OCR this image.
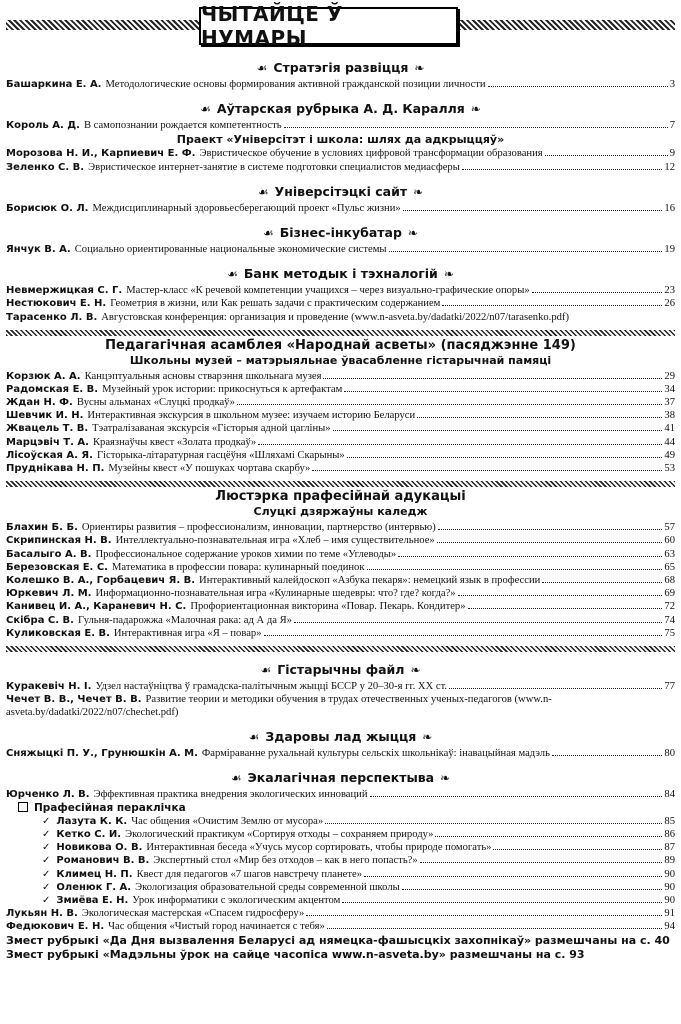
ЧЫТАЙЦЕ Ў НУМАРЫ
☙ Стратэгія развіцця ❧
Башаркина Е. А. Методологические основы формирования активной гражданской позиции личности	3
☙ Аўтарская рубрыка А. Д. Каралля ❧
Король А. Д. В самопознании рождается компетентность	7
Праект «Універсітэт і школа: шлях да адкрыццяў»
Морозова Н. И., Карпиевич Е. Ф. Эвристическое обучение в условиях цифровой трансформации образования	9
Зеленко С. В. Эвристическое интернет-занятие в системе подготовки специалистов медиасферы	12
☙ Універсітэцкі сайт ❧
Борисюк О. Л. Междисциплинарный здоровьесберегающий проект «Пульс жизни»	16
☙ Бізнес-інкубатар ❧
Янчук В. А. Социально ориентированные национальные экономические системы	19
☙ Банк методык і тэхналогій ❧
Невмержицкая С. Г. Мастер-класс «К речевой компетенции учащихся – через визуально-графические опоры»	23
Нестюкович Е. Н. Геометрия в жизни, или Как решать задачи с практическим содержанием	26
Тарасенко Л. В. Августовская конференция: организация и проведение (www.n-asveta.by/dadatki/2022/n07/tarasenko.pdf)
Педагагічная асамблея «Народнай асветы» (пасяджэнне 149)
Школьны музей – матэрыяльнае ўвасабленне гістарычнай памяці
Корзюк А. А. Канцэптуальныя асновы стварэння школьнага музея	29
Радомская Е. В. Музейный урок истории: прикоснуться к артефактам	34
Ждан Н. Ф. Вусны альманах «Слуцкі продкаў»	37
Шевчик И. Н. Интерактивная экскурсия в школьном музее: изучаем историю Беларуси	38
Жвацель Т. В. Тэатралізаваная экскурсія «Гісторыя адной цагліны»	41
Марцэвіч Т. А. Краязнаўчы квест «Золата продкаў»	44
Лісоўская А. Я. Гісторыка-літаратурная гасцёўня «Шляхамі Скарыны»	49
Пруднікава Н. П. Музейны квест «У пошуках чортава скарбу»	53
Люстэрка прафесійнай адукацыі
Слуцкі дзяржаўны каледж
Блахин Б. Б. Ориентиры развития – профессионализм, инновации, партнерство (интервью)	57
Скрипинская Н. В. Интеллектуально-познавательная игра «Хлеб – имя существительное»	60
Басалыго А. В. Профессиональное содержание уроков химии по теме «Углеводы»	63
Березовская Е. С. Математика в профессии повара: кулинарный поединок	65
Колешко В. А., Горбацевич Я. В. Интерактивный калейдоскоп «Азбука пекаря»: немецкий язык в профессии	68
Юркевич Л. М. Информационно-познавательная игра «Кулинарные шедевры: что? где? когда?»	69
Канивец И. А., Караневич Н. С. Профориентационная викторина «Повар. Пекарь. Кондитер»	72
Скібра С. В. Гульня-падарожжа «Малочная рака: ад А да Я»	74
Куликовская Е. В. Интерактивная игра «Я – повар»	75
☙ Гістарычны файл ❧
Куракевіч Н. І. Удзел настаўніцтва ў грамадска-палітычным жыцці БССР у 20–30-я гг. XX ст.	77
Чечет В. В., Чечет В. В. Развитие теории и методики обучения в трудах отечественных ученых-педагогов (www.n-asveta.by/dadatki/2022/n07/chechet.pdf)
☙ Здаровы лад жыцця ❧
Сняжыцкі П. У., Грунюшкін А. М. Фарміраванне рухальнай культуры сельскіх школьнікаў: інавацыйная мадэль	80
☙ Экалагічная перспектыва ❧
Юрченко Л. В. Эффективная практика внедрения экологических инноваций	84
Прафесійная пераклічка
✓ Лазута К. К. Час общения «Очистим Землю от мусора»	85
✓ Кетко С. И. Экологический практикум «Сортируя отходы – сохраняем природу»	86
✓ Новикова О. В. Интерактивная беседа «Учусь мусор сортировать, чтобы природе помогать»	87
✓ Романович В. В. Экспертный стол «Мир без отходов – как в него попасть?»	89
✓ Климец Н. П. Квест для педагогов «7 шагов навстречу планете»	90
✓ Оленюк Г. А. Экологизация образовательной среды современной школы	90
✓ Змиёва Е. Н. Урок информатики с экологическим акцентом	90
Лукьян Н. В. Экологическая мастерская «Спасем гидросферу»	91
Федюкович Е. Н. Час общения «Чистый город начинается с тебя»	94
Змест рубрыкі «Да Дня вызвалення Беларусі ад нямецка-фашысцкіх захопнікаў» размешчаны на с. 40
Змест рубрыкі «Мадэльны ўрок на сайце часопіса www.n-asveta.by» размешчаны на с. 93
